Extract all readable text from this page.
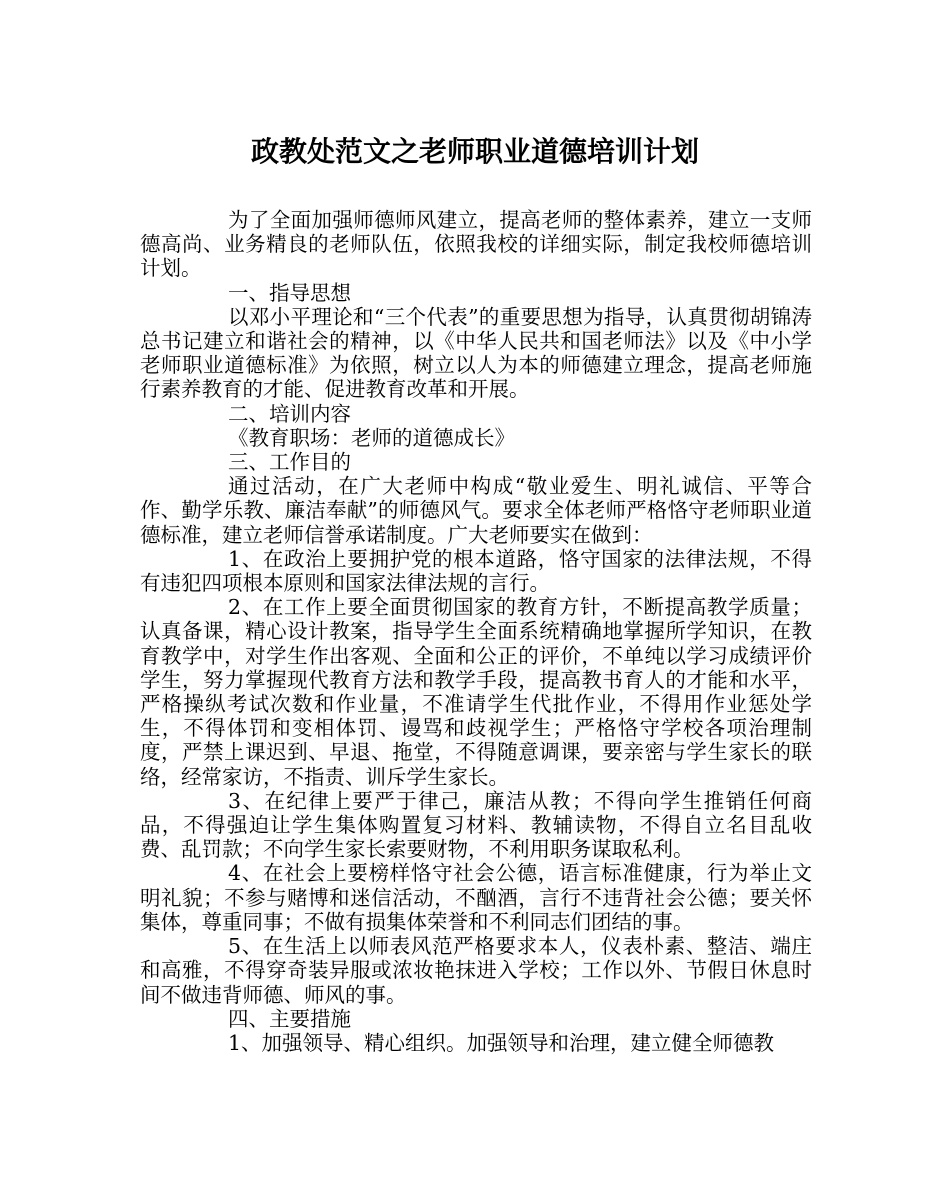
政教处范文之老师职业道德培训计划

为了全面加强师德师风建立，提高老师的整体素养，建立一支师德高尚、业务精良的老师队伍，依照我校的详细实际，制定我校师德培训计划。

一、指导思想

以邓小平理论和“三个代表”的重要思想为指导，认真贯彻胡锦涛总书记建立和谐社会的精神，以《中华人民共和国老师法》以及《中小学老师职业道德标准》为依照，树立以人为本的师德建立理念，提高老师施行素养教育的才能、促进教育改革和开展。

二、培训内容

《教育职场：老师的道德成长》

三、工作目的

通过活动，在广大老师中构成“敬业爱生、明礼诚信、平等合作、勤学乐教、廉洁奉献”的师德风气。要求全体老师严格恪守老师职业道德标准，建立老师信誉承诺制度。广大老师要实在做到：

1、在政治上要拥护党的根本道路，恪守国家的法律法规，不得有违犯四项根本原则和国家法律法规的言行。

2、在工作上要全面贯彻国家的教育方针，不断提高教学质量；认真备课，精心设计教案，指导学生全面系统精确地掌握所学知识，在教育教学中，对学生作出客观、全面和公正的评价，不单纯以学习成绩评价学生，努力掌握现代教育方法和教学手段，提高教书育人的才能和水平，严格操纵考试次数和作业量，不准请学生代批作业，不得用作业惩处学生，不得体罚和变相体罚、谩骂和歧视学生；严格恪守学校各项治理制度，严禁上课迟到、早退、拖堂，不得随意调课，要亲密与学生家长的联络，经常家访，不指责、训斥学生家长。

3、在纪律上要严于律己，廉洁从教；不得向学生推销任何商品，不得强迫让学生集体购置复习材料、教辅读物，不得自立名目乱收费、乱罚款；不向学生家长索要财物，不利用职务谋取私利。

4、在社会上要榜样恪守社会公德，语言标准健康，行为举止文明礼貌；不参与赌博和迷信活动，不酗酒，言行不违背社会公德；要关怀集体，尊重同事；不做有损集体荣誉和不利同志们团结的事。

5、在生活上以师表风范严格要求本人，仪表朴素、整洁、端庄和高雅，不得穿奇装异服或浓妆艳抹进入学校；工作以外、节假日休息时间不做违背师德、师风的事。

四、主要措施

1、加强领导、精心组织。加强领导和治理，建立健全师德教
